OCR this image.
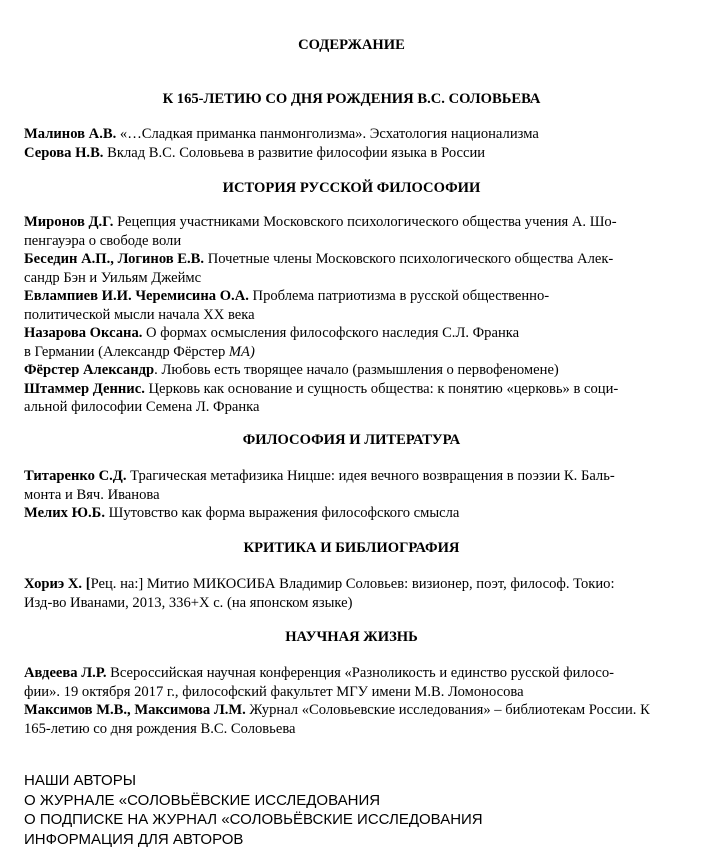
СОДЕРЖАНИЕ
К 165-ЛЕТИЮ СО ДНЯ РОЖДЕНИЯ В.С. СОЛОВЬЕВА
Малинов А.В. «…Сладкая приманка панмонголизма». Эсхатология национализма
Серова Н.В. Вклад В.С. Соловьева в развитие философии языка в России
ИСТОРИЯ РУССКОЙ ФИЛОСОФИИ
Миронов Д.Г. Рецепция участниками Московского психологического общества учения А. Шо-
пенгауэра о свободе воли
Беседин А.П., Логинов Е.В. Почетные члены Московского психологического общества Алек-
сандр Бэн и Уильям Джеймс
Евлампиев И.И. Черемисина О.А. Проблема патриотизма в русской общественно-
политической мысли начала XX века
Назарова Оксана. О формах осмысления философского наследия С.Л. Франка
в Германии (Александр Фёрстер MA)
Фёрстер Александр. Любовь есть творящее начало (размышления о первофеномене)
Штаммер Деннис. Церковь как основание и сущность общества: к понятию «церковь» в соци-
альной философии Семена Л. Франка
ФИЛОСОФИЯ И ЛИТЕРАТУРА
Титаренко С.Д. Трагическая метафизика Ницше: идея вечного возвращения в поэзии К. Баль-
монта и Вяч. Иванова
Мелих Ю.Б. Шутовство как форма выражения философского смысла
КРИТИКА И БИБЛИОГРАФИЯ
Хориэ Х. [Рец. на:] Митио МИКОСИБА Владимир Соловьев: визионер, поэт, философ. Токио:
Изд-во Иванами, 2013, 336+X с. (на японском языке)
НАУЧНАЯ ЖИЗНЬ
Авдеева Л.Р. Всероссийская научная конференция «Разноликость и единство русской филосо-
фии». 19 октября 2017 г., философский факультет МГУ имени М.В. Ломоносова
Максимов М.В., Максимова Л.М. Журнал «Соловьевские исследования» – библиотекам России. К
165-летию со дня рождения В.С. Соловьева
НАШИ АВТОРЫ
О ЖУРНАЛЕ «СОЛОВЬЁВСКИЕ ИССЛЕДОВАНИЯ
О ПОДПИСКЕ НА ЖУРНАЛ «СОЛОВЬЁВСКИЕ ИССЛЕДОВАНИЯ
ИНФОРМАЦИЯ ДЛЯ АВТОРОВ
